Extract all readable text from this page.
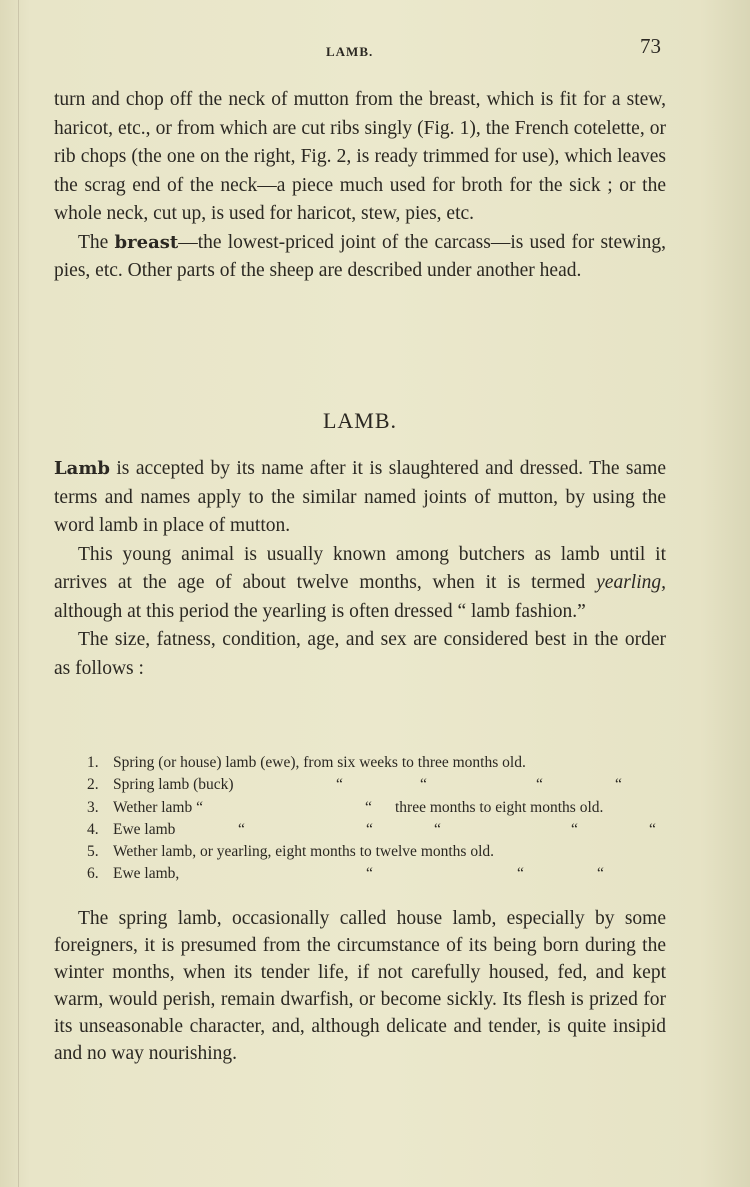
LAMB.	73

turn and chop off the neck of mutton from the breast, which is fit for a stew, haricot, etc., or from which are cut ribs singly (Fig. 1), the French cotelette, or rib chops (the one on the right, Fig. 2, is ready trimmed for use), which leaves the scrag end of the neck—a piece much used for broth for the sick ; or the whole neck, cut up, is used for haricot, stew, pies, etc.

The breast—the lowest-priced joint of the carcass—is used for stewing, pies, etc. Other parts of the sheep are described under another head.

LAMB.

Lamb is accepted by its name after it is slaughtered and dressed. The same terms and names apply to the similar named joints of mutton, by using the word lamb in place of mutton.

This young animal is usually known among butchers as lamb until it arrives at the age of about twelve months, when it is termed yearling, although at this period the yearling is often dressed “ lamb fashion.”

The size, fatness, condition, age, and sex are considered best in the order as follows :

1. Spring (or house) lamb (ewe), from six weeks to three months old.
2. Spring lamb (buck)	“	“	“	“
3. Wether lamb “	“ three months to eight months old.
4. Ewe lamb	“	“	“	“	“
5. Wether lamb, or yearling, eight months to twelve months old.
6. Ewe lamb,	“	“	“

The spring lamb, occasionally called house lamb, especially by some foreigners, it is presumed from the circumstance of its being born during the winter months, when its tender life, if not carefully housed, fed, and kept warm, would perish, remain dwarfish, or become sickly. Its flesh is prized for its unseasonable character, and, although delicate and tender, is quite insipid and no way nourishing.
